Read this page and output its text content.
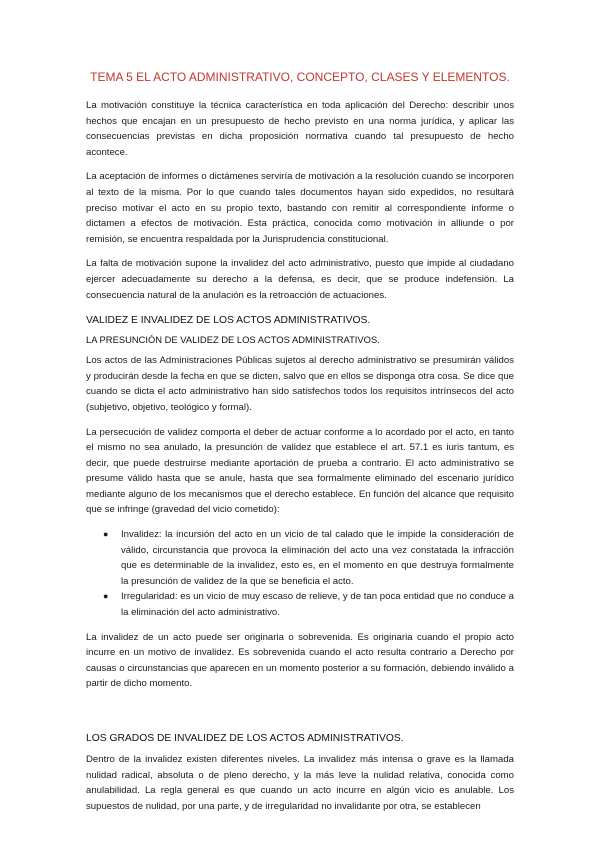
TEMA 5 EL ACTO ADMINISTRATIVO, CONCEPTO, CLASES Y ELEMENTOS.

La motivación constituye la técnica característica en toda aplicación del Derecho: describir unos hechos que encajan en un presupuesto de hecho previsto en una norma jurídica, y aplicar las consecuencias previstas en dicha proposición normativa cuando tal presupuesto de hecho acontece.

La aceptación de informes o dictámenes serviría de motivación a la resolución cuando se incorporen al texto de la misma. Por lo que cuando tales documentos hayan sido expedidos, no resultará preciso motivar el acto en su propio texto, bastando con remitir al correspondiente informe o dictamen a efectos de motivación. Esta práctica, conocida como motivación in alliunde o por remisión, se encuentra respaldada por la Jurisprudencia constitucional.

La falta de motivación supone la invalidez del acto administrativo, puesto que impide al ciudadano ejercer adecuadamente su derecho a la defensa, es decir, que se produce indefensión. La consecuencia natural de la anulación es la retroacción de actuaciones.

VALIDEZ E INVALIDEZ DE LOS ACTOS ADMINISTRATIVOS.
LA PRESUNCIÓN DE VALIDEZ DE LOS ACTOS ADMINISTRATIVOS.

Los actos de las Administraciones Públicas sujetos al derecho administrativo se presumirán válidos y producirán desde la fecha en que se dicten, salvo que en ellos se disponga otra cosa. Se dice que cuando se dicta el acto administrativo han sido satisfechos todos los requisitos intrínsecos del acto (subjetivo, objetivo, teológico y formal).

La persecución de validez comporta el deber de actuar conforme a lo acordado por el acto, en tanto el mismo no sea anulado, la presunción de validez que establece el art. 57.1 es iuris tantum, es decir, que puede destruirse mediante aportación de prueba a contrario. El acto administrativo se presume válido hasta que se anule, hasta que sea formalmente eliminado del escenario jurídico mediante alguno de los mecanismos que el derecho establece. En función del alcance que requisito que se infringe (gravedad del vicio cometido):

● Invalidez: la incursión del acto en un vicio de tal calado que le impide la consideración de válido, circunstancia que provoca la eliminación del acto una vez constatada la infracción que es determinable de la invalidez, esto es, en el momento en que destruya formalmente la presunción de validez de la que se beneficia el acto.
● Irregularidad: es un vicio de muy escaso de relieve, y de tan poca entidad que no conduce a la eliminación del acto administrativo.

La invalidez de un acto puede ser originaria o sobrevenida. Es originaria cuando el propio acto incurre en un motivo de invalidez. Es sobrevenida cuando el acto resulta contrario a Derecho por causas o circunstancias que aparecen en un momento posterior a su formación, debiendo inválido a partir de dicho momento.

LOS GRADOS DE INVALIDEZ DE LOS ACTOS ADMINISTRATIVOS.

Dentro de la invalidez existen diferentes niveles. La invalidez más intensa o grave es la llamada nulidad radical, absoluta o de pleno derecho, y la más leve la nulidad relativa, conocida como anulabilidad. La regla general es que cuando un acto incurre en algún vicio es anulable. Los supuestos de nulidad, por una parte, y de irregularidad no invalidante por otra, se establecen
